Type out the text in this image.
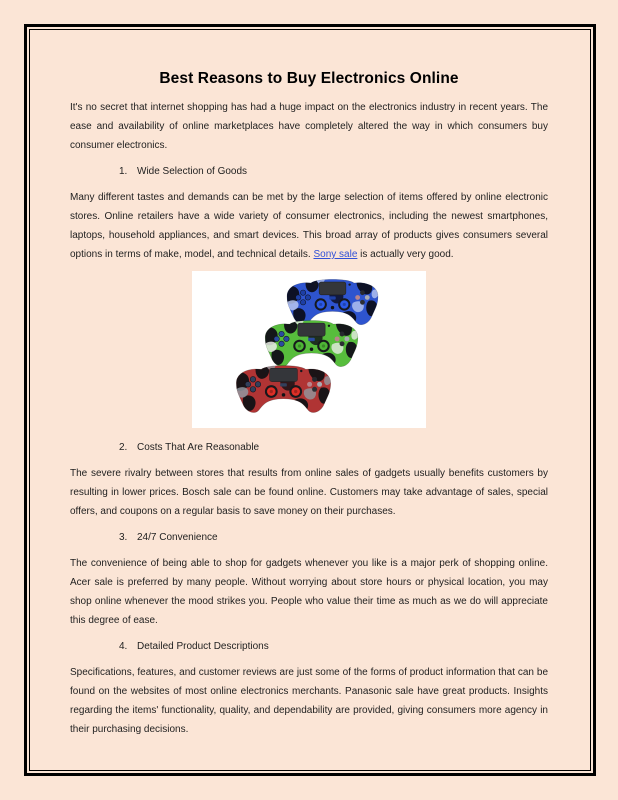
Best Reasons to Buy Electronics Online

It's no secret that internet shopping has had a huge impact on the electronics industry in recent years. The ease and availability of online marketplaces have completely altered the way in which consumers buy consumer electronics.

1. Wide Selection of Goods

Many different tastes and demands can be met by the large selection of items offered by online electronic stores. Online retailers have a wide variety of consumer electronics, including the newest smartphones, laptops, household appliances, and smart devices. This broad array of products gives consumers several options in terms of make, model, and technical details. Sony sale is actually very good.

2. Costs That Are Reasonable

The severe rivalry between stores that results from online sales of gadgets usually benefits customers by resulting in lower prices. Bosch sale can be found online. Customers may take advantage of sales, special offers, and coupons on a regular basis to save money on their purchases.

3. 24/7 Convenience

The convenience of being able to shop for gadgets whenever you like is a major perk of shopping online. Acer sale is preferred by many people. Without worrying about store hours or physical location, you may shop online whenever the mood strikes you. People who value their time as much as we do will appreciate this degree of ease.

4. Detailed Product Descriptions

Specifications, features, and customer reviews are just some of the forms of product information that can be found on the websites of most online electronics merchants. Panasonic sale have great products. Insights regarding the items' functionality, quality, and dependability are provided, giving consumers more agency in their purchasing decisions.
